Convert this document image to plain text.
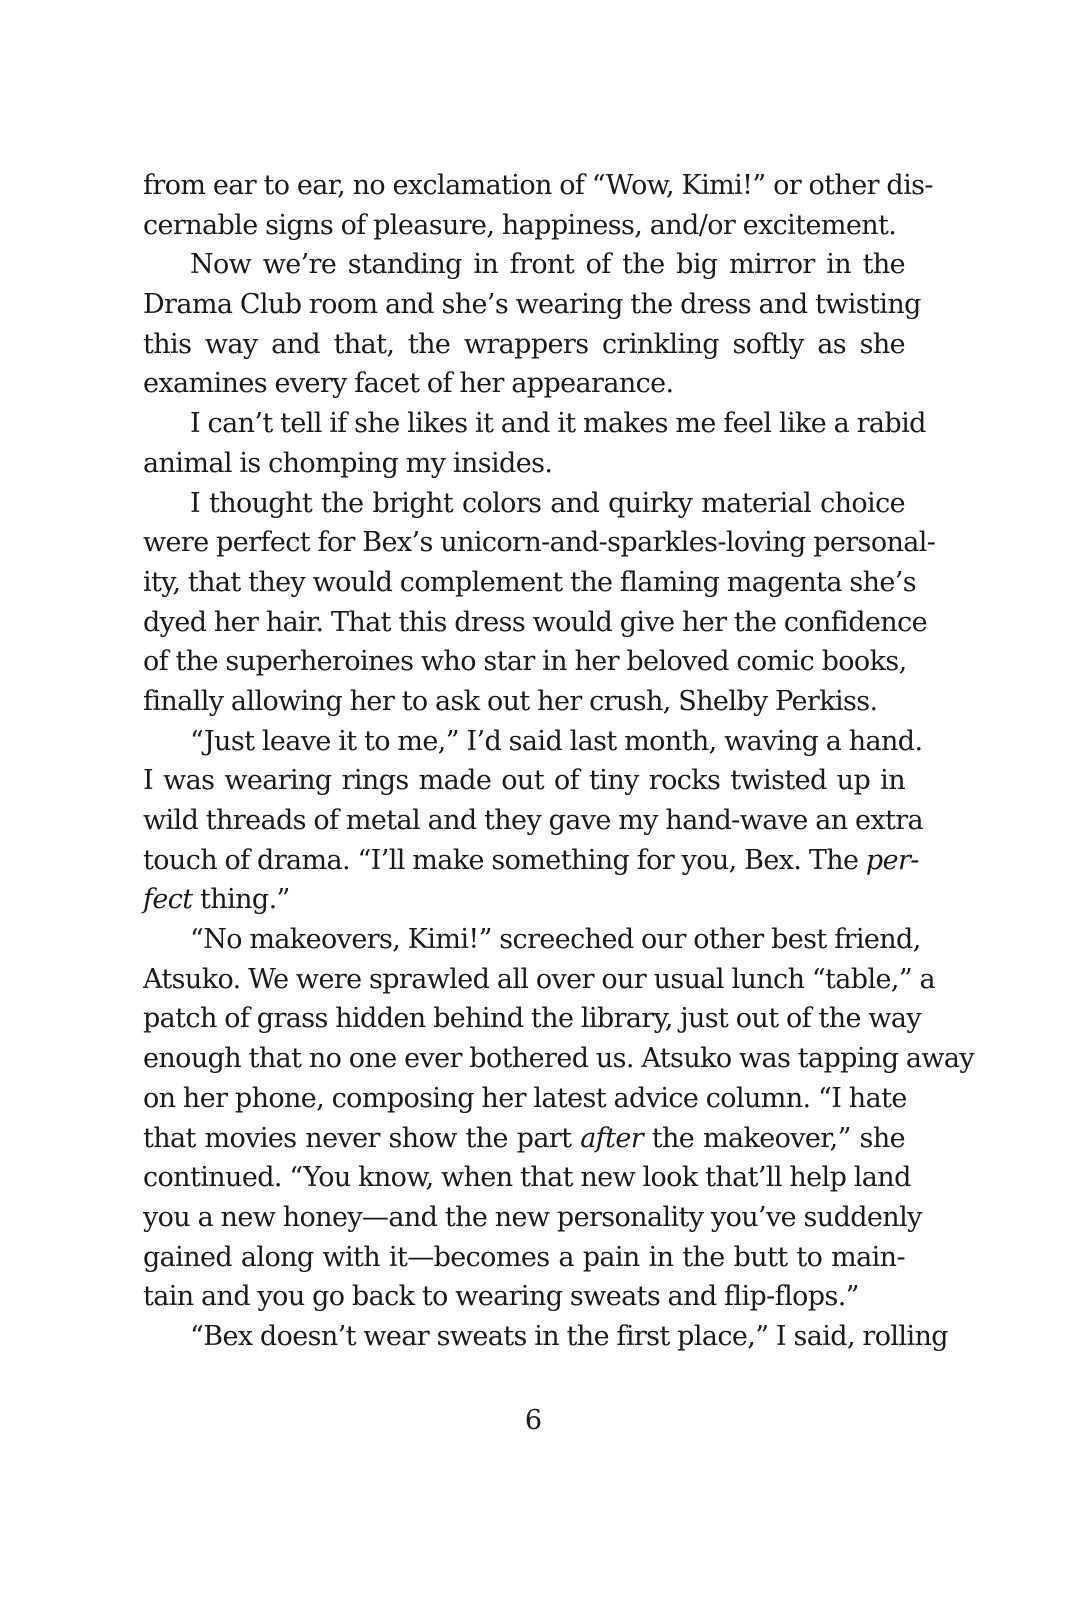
from ear to ear, no exclamation of “Wow, Kimi!” or other dis-
cernable signs of pleasure, happiness, and/or excitement.
Now we’re standing in front of the big mirror in the
Drama Club room and she’s wearing the dress and twisting
this way and that, the wrappers crinkling softly as she
examines every facet of her appearance.
I can’t tell if she likes it and it makes me feel like a rabid
animal is chomping my insides.
I thought the bright colors and quirky material choice
were perfect for Bex’s unicorn-and-sparkles-loving personal-
ity, that they would complement the flaming magenta she’s
dyed her hair. That this dress would give her the confidence
of the superheroines who star in her beloved comic books,
finally allowing her to ask out her crush, Shelby Perkiss.
“Just leave it to me,” I’d said last month, waving a hand.
I was wearing rings made out of tiny rocks twisted up in
wild threads of metal and they gave my hand-wave an extra
touch of drama. “I’ll make something for you, Bex. The per-
fect thing.”
“No makeovers, Kimi!” screeched our other best friend,
Atsuko. We were sprawled all over our usual lunch “table,” a
patch of grass hidden behind the library, just out of the way
enough that no one ever bothered us. Atsuko was tapping away
on her phone, composing her latest advice column. “I hate
that movies never show the part after the makeover,” she
continued. “You know, when that new look that’ll help land
you a new honey—and the new personality you’ve suddenly
gained along with it—becomes a pain in the butt to main-
tain and you go back to wearing sweats and flip-flops.”
“Bex doesn’t wear sweats in the first place,” I said, rolling
6
